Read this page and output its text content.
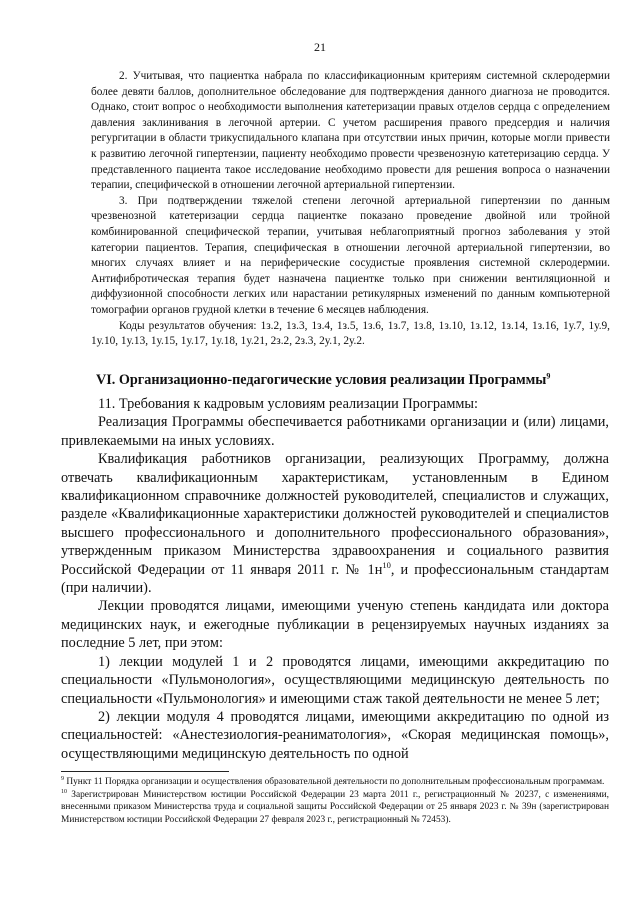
21

2. Учитывая, что пациентка набрала по классификационным критериям системной склеродермии более девяти баллов, дополнительное обследование для подтверждения данного диагноза не проводится. Однако, стоит вопрос о необходимости выполнения катетеризации правых отделов сердца с определением давления заклинивания в легочной артерии. С учетом расширения правого предсердия и наличия регургитации в области трикуспидального клапана при отсутствии иных причин, которые могли привести к развитию легочной гипертензии, пациенту необходимо провести чрезвенозную катетеризацию сердца. У представленного пациента такое исследование необходимо провести для решения вопроса о назначении терапии, специфической в отношении легочной артериальной гипертензии.

3. При подтверждении тяжелой степени легочной артериальной гипертензии по данным чрезвенозной катетеризации сердца пациентке показано проведение двойной или тройной комбинированной специфической терапии, учитывая неблагоприятный прогноз заболевания у этой категории пациентов. Терапия, специфическая в отношении легочной артериальной гипертензии, во многих случаях влияет и на периферические сосудистые проявления системной склеродермии. Антифибротическая терапия будет назначена пациентке только при снижении вентиляционной и диффузионной способности легких или нарастании ретикулярных изменений по данным компьютерной томографии органов грудной клетки в течение 6 месяцев наблюдения.

Коды результатов обучения: 1з.2, 1з.3, 1з.4, 1з.5, 1з.6, 1з.7, 1з.8, 1з.10, 1з.12, 1з.14, 1з.16, 1у.7, 1у.9, 1у.10, 1у.13, 1у.15, 1у.17, 1у.18, 1у.21, 2з.2, 2з.3, 2у.1, 2у.2.

VI. Организационно-педагогические условия реализации Программы$^9$

11. Требования к кадровым условиям реализации Программы:

Реализация Программы обеспечивается работниками организации и (или) лицами, привлекаемыми на иных условиях.

Квалификация работников организации, реализующих Программу, должна отвечать квалификационным характеристикам, установленным в Едином квалификационном справочнике должностей руководителей, специалистов и служащих, разделе «Квалификационные характеристики должностей руководителей и специалистов высшего профессионального и дополнительного профессионального образования», утвержденным приказом Министерства здравоохранения и социального развития Российской Федерации от 11 января 2011 г. № $1н^{10}$, и профессиональным стандартам (при наличии).

Лекции проводятся лицами, имеющими ученую степень кандидата или доктора медицинских наук, и ежегодные публикации в рецензируемых научных изданиях за последние 5 лет, при этом:

1) лекции модулей 1 и 2 проводятся лицами, имеющими аккредитацию по специальности «Пульмонология», осуществляющими медицинскую деятельность по специальности «Пульмонология» и имеющими стаж такой деятельности не менее 5 лет;

2) лекции модуля 4 проводятся лицами, имеющими аккредитацию по одной из специальностей: «Анестезиология-реаниматология», «Скорая медицинская помощь», осуществляющими медицинскую деятельность по одной

$^9$ Пункт 11 Порядка организации и осуществления образовательной деятельности по дополнительным профессиональным программам.

$^{10}$ Зарегистрирован Министерством юстиции Российской Федерации 23 марта 2011 г., регистрационный № 20237, с изменениями, внесенными приказом Министерства труда и социальной защиты Российской Федерации от 25 января 2023 г. № 39н (зарегистрирован Министерством юстиции Российской Федерации 27 февраля 2023 г., регистрационный № 72453).
